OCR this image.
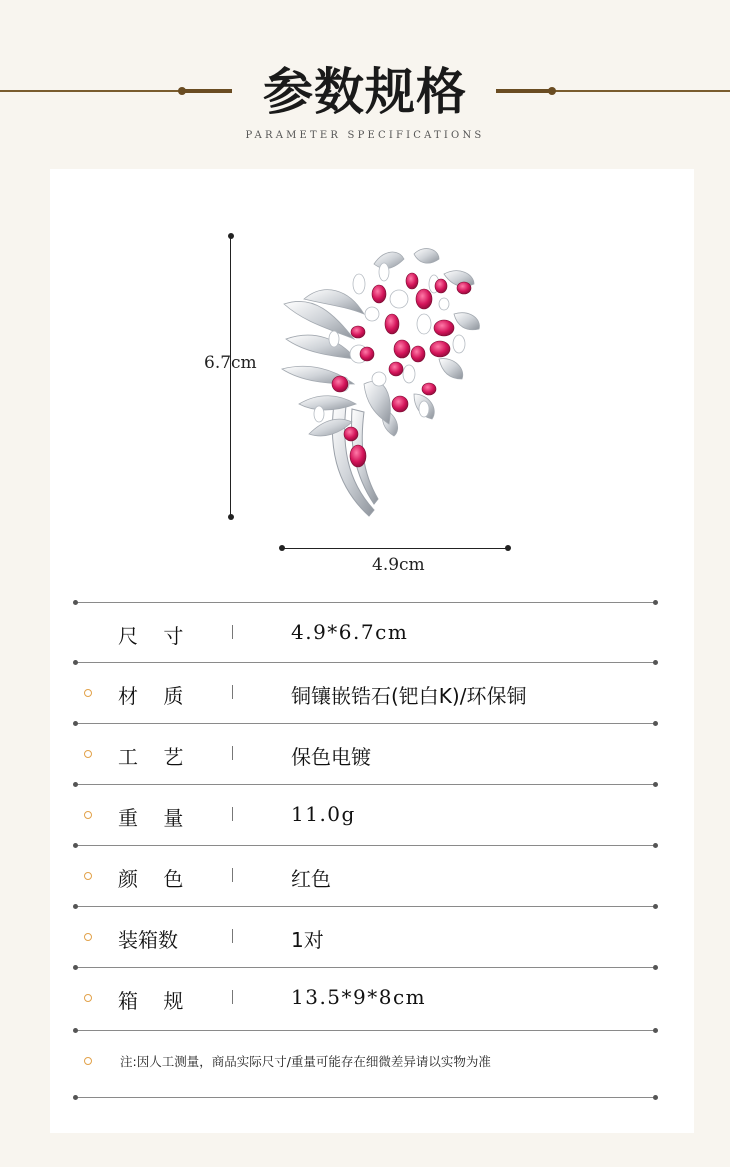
参数规格
PARAMETER SPECIFICATIONS
6.7cm
4.9cm
尺    寸	4.9*6.7cm
材    质	铜镶嵌锆石(钯白K)/环保铜
工    艺	保色电镀
重    量	11.0g
颜    色	红色
装箱数	1对
箱    规	13.5*9*8cm
注:因人工测量，商品实际尺寸/重量可能存在细微差异请以实物为准
